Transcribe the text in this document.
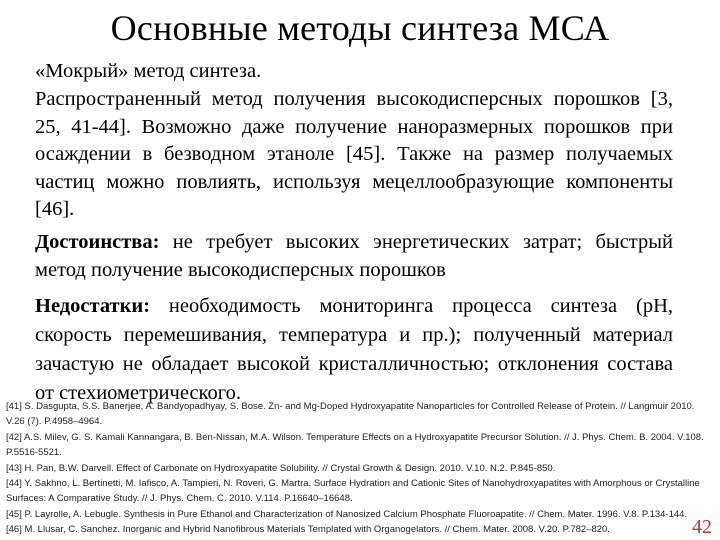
Основные методы синтеза МСА
«Мокрый» метод синтеза.
Распространенный метод получения высокодисперсных порошков [3, 25, 41-44]. Возможно даже получение наноразмерных порошков при осаждении в безводном этаноле [45]. Также на размер получаемых частиц можно повлиять, используя мецеллообразующие компоненты [46].
Достоинства: не требует высоких энергетических затрат; быстрый метод получение высокодисперсных порошков
Недостатки: необходимость мониторинга процесса синтеза (pH, скорость перемешивания, температура и пр.); полученный материал зачастую не обладает высокой кристалличностью; отклонения состава от стехиометрического.
[41] S. Dasgupta, S.S. Banerjee, A. Bandyopadhyay, S. Bose. Zn- and Mg-Doped Hydroxyapatite Nanoparticles for Controlled Release of Protein. // Langmuir 2010. V.26 (7). P.4958–4964.
[42] A.S. Milev, G. S. Kamali Kannangara, B. Ben-Nissan, M.A. Wilson. Temperature Effects on a Hydroxyapatite Precursor Solution. // J. Phys. Chem. B. 2004. V.108. P.5516-5521.
[43] H. Pan, B.W. Darvell. Effect of Carbonate on Hydroxyapatite Solubility. // Crystal Growth & Design. 2010. V.10. N.2. P.845-850.
[44] Y. Sakhno, L. Bertinetti, M. Iafisco, A. Tampieri, N. Roveri, G. Martra. Surface Hydration and Cationic Sites of Nanohydroxyapatites with Amorphous or Crystalline Surfaces: A Comparative Study. // J. Phys. Chem. C. 2010. V.114. P.16640–16648.
[45] P. Layrolle, A. Lebugle. Synthesis in Pure Ethanol and Characterization of Nanosized Calcium Phosphate Fluoroapatite. // Chem. Mater. 1996. V.8. P.134-144.
[46] M. Llusar, C. Sanchez. Inorganic and Hybrid Nanofibrous Materials Templated with Organogelators. // Chem. Mater. 2008. V.20. P.782–820.	42
